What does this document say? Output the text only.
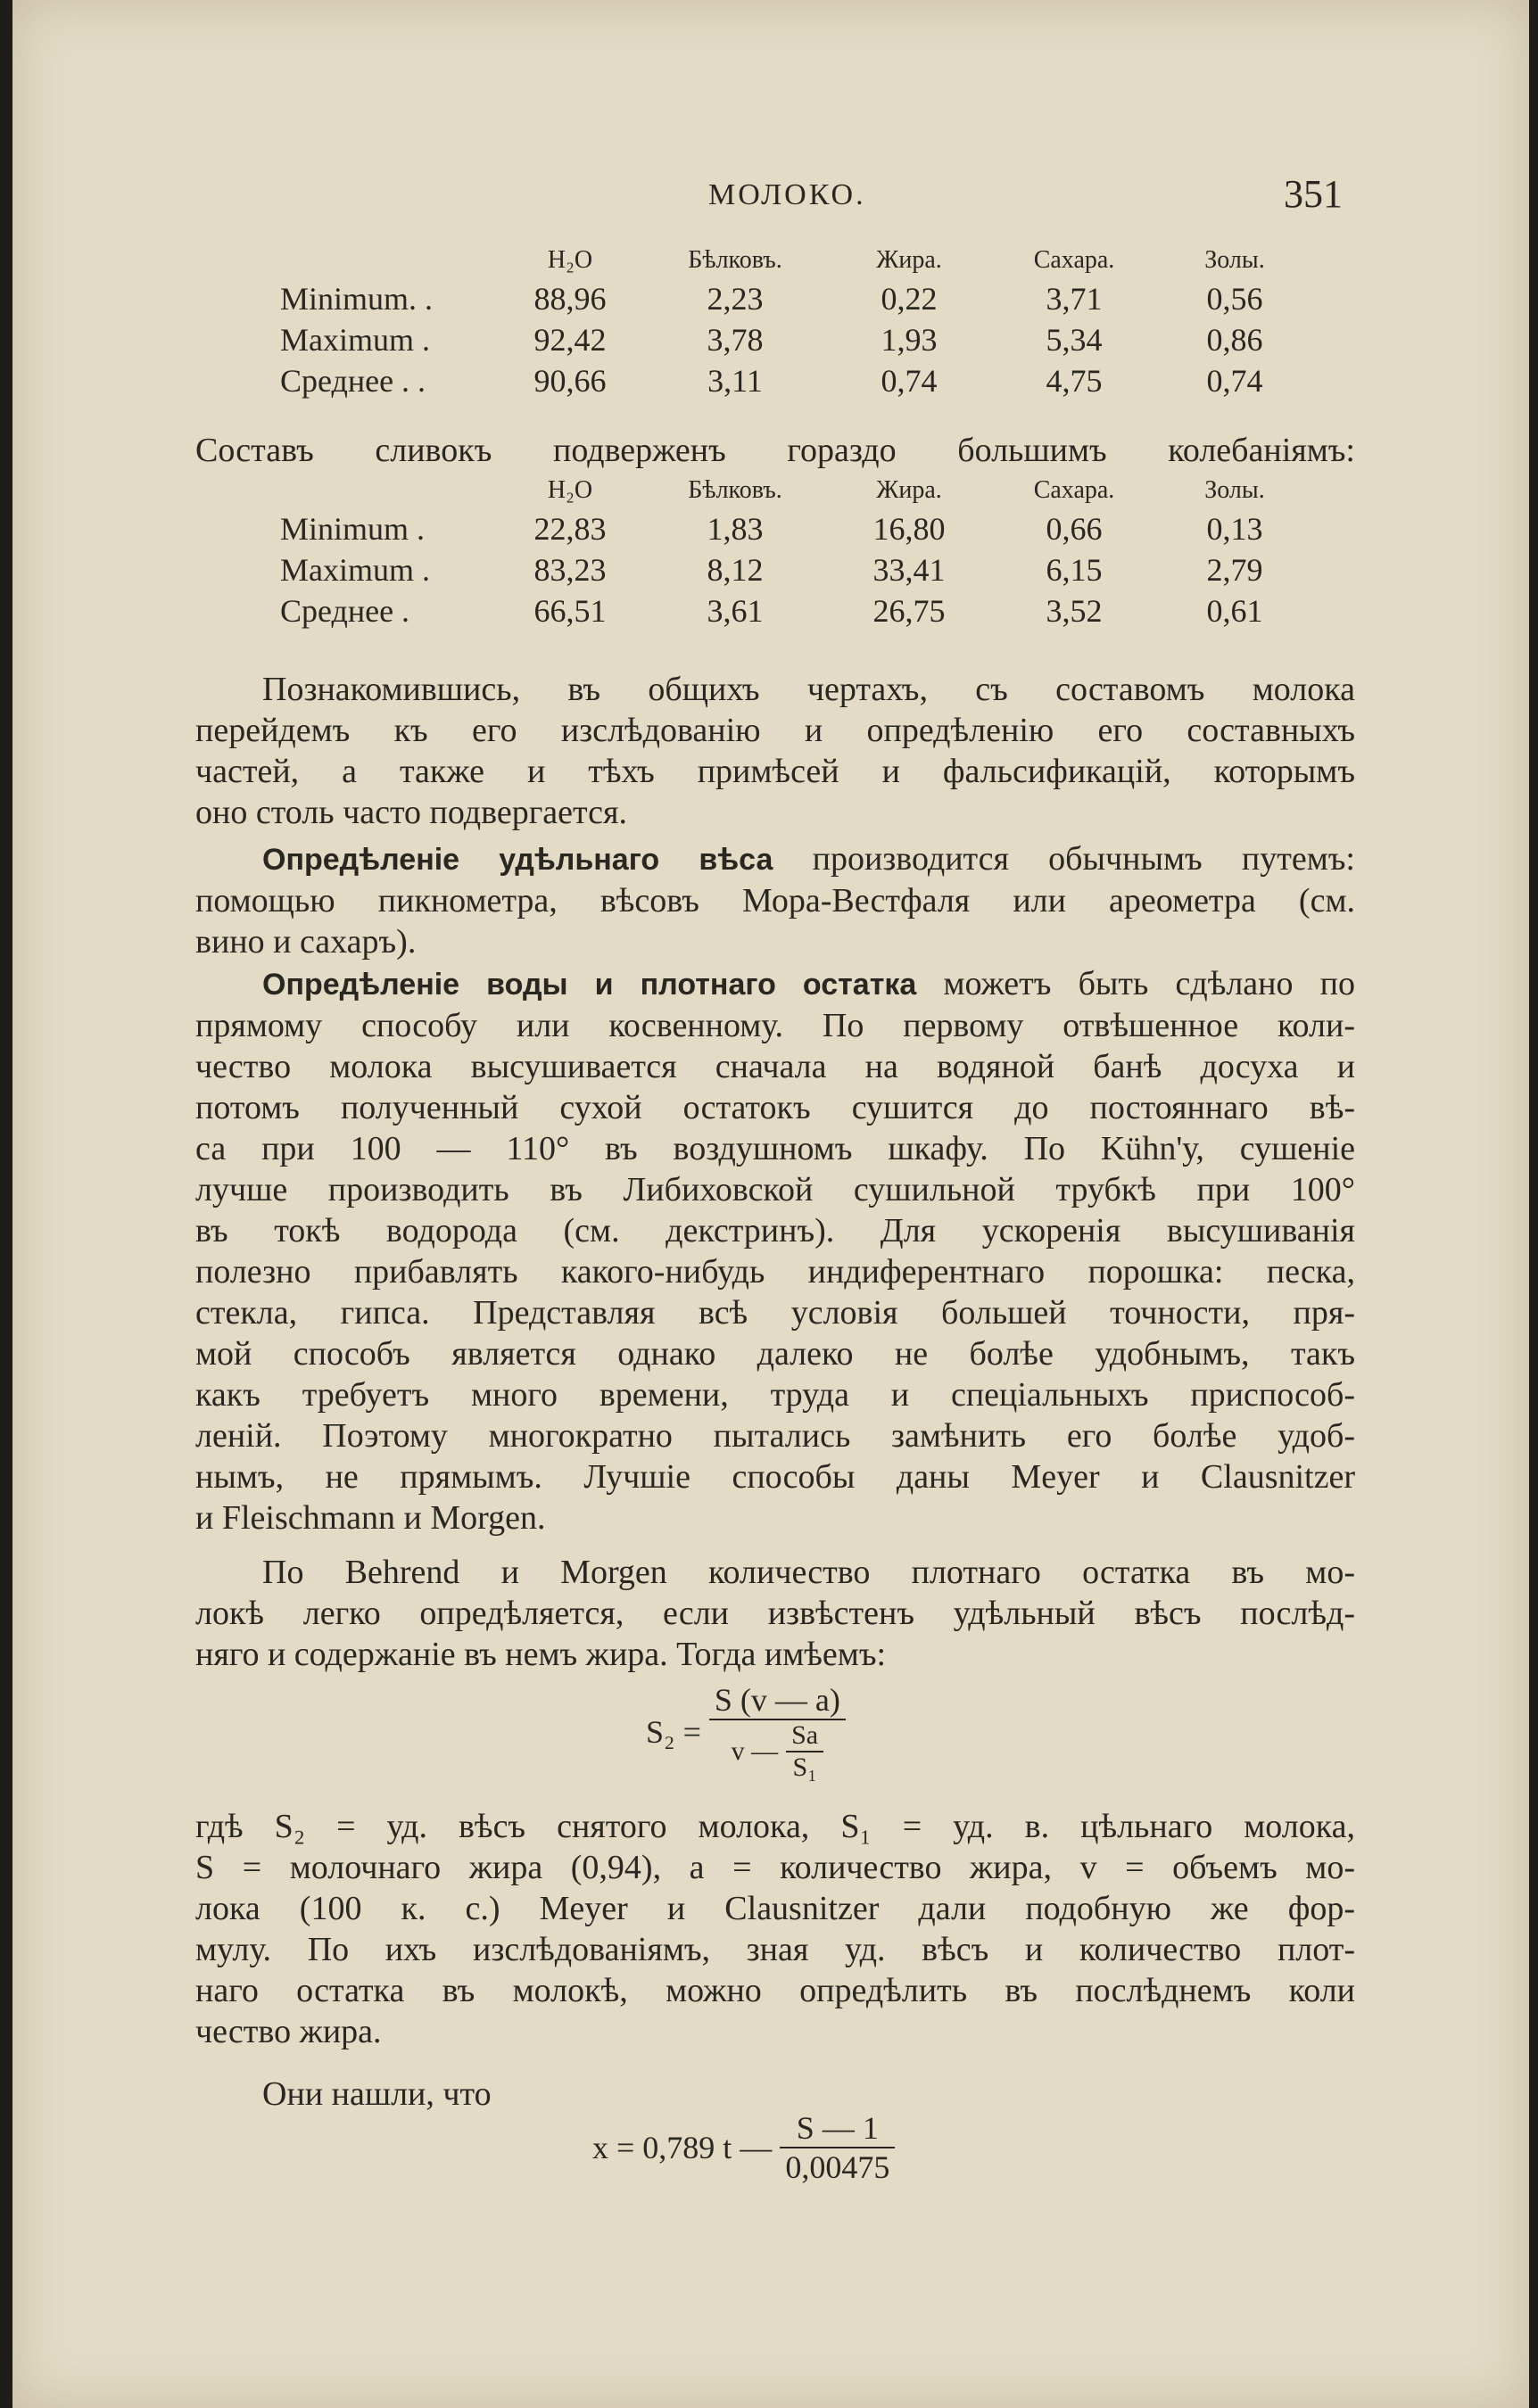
МОЛОКО.	351
	H₂O	Бѣлковъ.	Жира.	Сахара.	Золы.
Minimum. .	88,96	2,23	0,22	3,71	0,56
Maximum .	92,42	3,78	1,93	5,34	0,86
Среднее . .	90,66	3,11	0,74	4,75	0,74
Составъ сливокъ подверженъ гораздо большимъ колебаніямъ:
	H₂O	Бѣлковъ.	Жира.	Сахара.	Золы.
Minimum .	22,83	1,83	16,80	0,66	0,13
Maximum .	83,23	8,12	33,41	6,15	2,79
Среднее .	66,51	3,61	26,75	3,52	0,61
Познакомившись, въ общихъ чертахъ, съ составомъ молока
перейдемъ къ его изслѣдованію и опредѣленію его составныхъ
частей, а также и тѣхъ примѣсей и фальсификацій, которымъ
оно столь часто подвергается.
Опредѣленіе удѣльнаго вѣса производится обычнымъ путемъ:
помощью пикнометра, вѣсовъ Мора-Вестфаля или ареометра (см.
вино и сахаръ).
Опредѣленіе воды и плотнаго остатка можетъ быть сдѣлано по
прямому способу или косвенному. По первому отвѣшенное коли-
чество молока высушивается сначала на водяной банѣ досуха и
потомъ полученный сухой остатокъ сушится до постояннаго вѣ-
са при 100 — 110° въ воздушномъ шкафу. По Kühn'у, сушеніе
лучше производить въ Либиховской сушильной трубкѣ при 100°
въ токѣ водорода (см. декстринъ). Для ускоренія высушиванія
полезно прибавлять какого-нибудь индиферентнаго порошка: песка,
стекла, гипса. Представляя всѣ условія большей точности, пря-
мой способъ является однако далеко не болѣе удобнымъ, такъ
какъ требуетъ много времени, труда и спеціальныхъ приспособ-
леній. Поэтому многократно пытались замѣнить его болѣе удоб-
нымъ, не прямымъ. Лучшіе способы даны Meyer и Clausnitzer
и Fleischmann и Morgen.
По Behrend и Morgen количество плотнаго остатка въ мо-
локѣ легко опредѣляется, если извѣстенъ удѣльный вѣсъ послѣд-
няго и содержаніе въ немъ жира. Тогда имѣемъ:
$S_2 = \frac{S (v — a)}{v — \frac{Sa}{\text{S₁}}}$
гдѣ S₂ = уд. вѣсъ снятого молока, S₁ = уд. в. цѣльнаго молока,
S = молочнаго жира (0,94), a = количество жира, v = объемъ мо-
лока (100 к. с.) Meyer и Clausnitzer дали подобную же фор-
мулу. По ихъ изслѣдованіямъ, зная уд. вѣсъ и количество плот-
наго остатка въ молокѣ, можно опредѣлить въ послѣднемъ коли
чество жира.
Они нашли, что
x = 0,789 t — $\frac{S — 1}{0,00475}$
